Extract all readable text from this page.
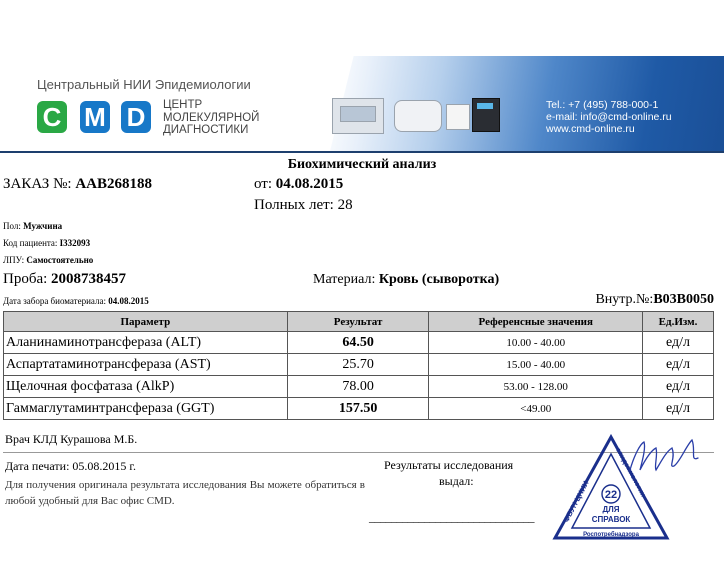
Центральный НИИ Эпидемиологии
C M D	ЦЕНТР
МОЛЕКУЛЯРНОЙ
ДИАГНОСТИКИ
Tel.: +7 (495) 788-000-1
e-mail: info@cmd-online.ru
www.cmd-online.ru
Биохимический анализ
ЗАКАЗ №: AAB268188	от: 04.08.2015
Полных лет: 28
Пол: Мужчина
Код пациента: I332093
ЛПУ: Самостоятельно
Проба: 2008738457	Материал: Кровь (сыворотка)
Дата забора биоматериала: 04.08.2015	Внутр.№:B03B0050
Параметр	Результат	Референсные значения	Ед.Изм.
Аланинаминотрансфераза (ALT)	64.50	10.00 - 40.00	ед/л
Аспартатаминотрансфераза (AST)	25.70	15.00 - 40.00	ед/л
Щелочная фосфатаза (AlkP)	78.00	53.00 - 128.00	ед/л
Гаммаглутаминтрансфераза (GGT)	157.50	<49.00	ед/л
Врач КЛД Курашова М.Б.
Дата печати: 05.08.2015 г.
Для получения оригинала результата исследования Вы можете обратиться в любой удобный для Вас офис CMD.
Результаты исследования
выдал:
______________________________	ФБУН ЦНИИ
эпидемиологии
22
ДЛЯ
СПРАВОК
Роспотребнадзора
